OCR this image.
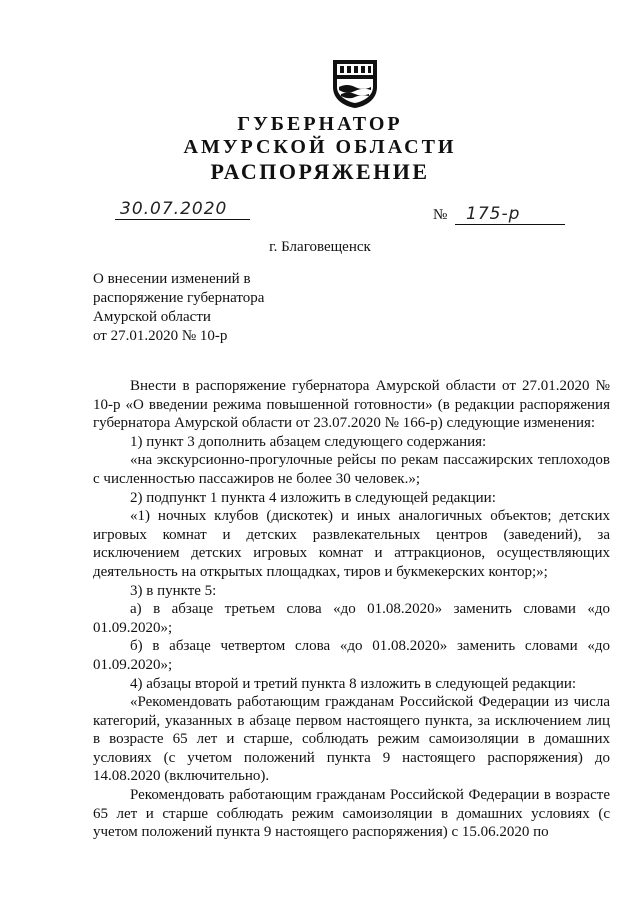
ГУБЕРНАТОР
АМУРСКОЙ ОБЛАСТИ
РАСПОРЯЖЕНИЕ
30.07.2020	№ 175-р
г. Благовещенск
О внесении изменений в
распоряжение губернатора
Амурской области
от 27.01.2020 № 10-р

Внести в распоряжение губернатора Амурской области от 27.01.2020 № 10-р «О введении режима повышенной готовности» (в редакции распоряжения губернатора Амурской области от 23.07.2020 № 166-р) следующие изменения:

1) пункт 3 дополнить абзацем следующего содержания:

«на экскурсионно-прогулочные рейсы по рекам пассажирских теплоходов с численностью пассажиров не более 30 человек.»;

2) подпункт 1 пункта 4 изложить в следующей редакции:

«1) ночных клубов (дискотек) и иных аналогичных объектов; детских игровых комнат и детских развлекательных центров (заведений), за исключением детских игровых комнат и аттракционов, осуществляющих деятельность на открытых площадках, тиров и букмекерских контор;»;

3) в пункте 5:

а) в абзаце третьем слова «до 01.08.2020» заменить словами «до 01.09.2020»;

б) в абзаце четвертом слова «до 01.08.2020» заменить словами «до 01.09.2020»;

4) абзацы второй и третий пункта 8 изложить в следующей редакции:

«Рекомендовать работающим гражданам Российской Федерации из числа категорий, указанных в абзаце первом настоящего пункта, за исключением лиц в возрасте 65 лет и старше, соблюдать режим самоизоляции в домашних условиях (с учетом положений пункта 9 настоящего распоряжения) до 14.08.2020 (включительно).

Рекомендовать работающим гражданам Российской Федерации в возрасте 65 лет и старше соблюдать режим самоизоляции в домашних условиях (с учетом положений пункта 9 настоящего распоряжения) с 15.06.2020 по
